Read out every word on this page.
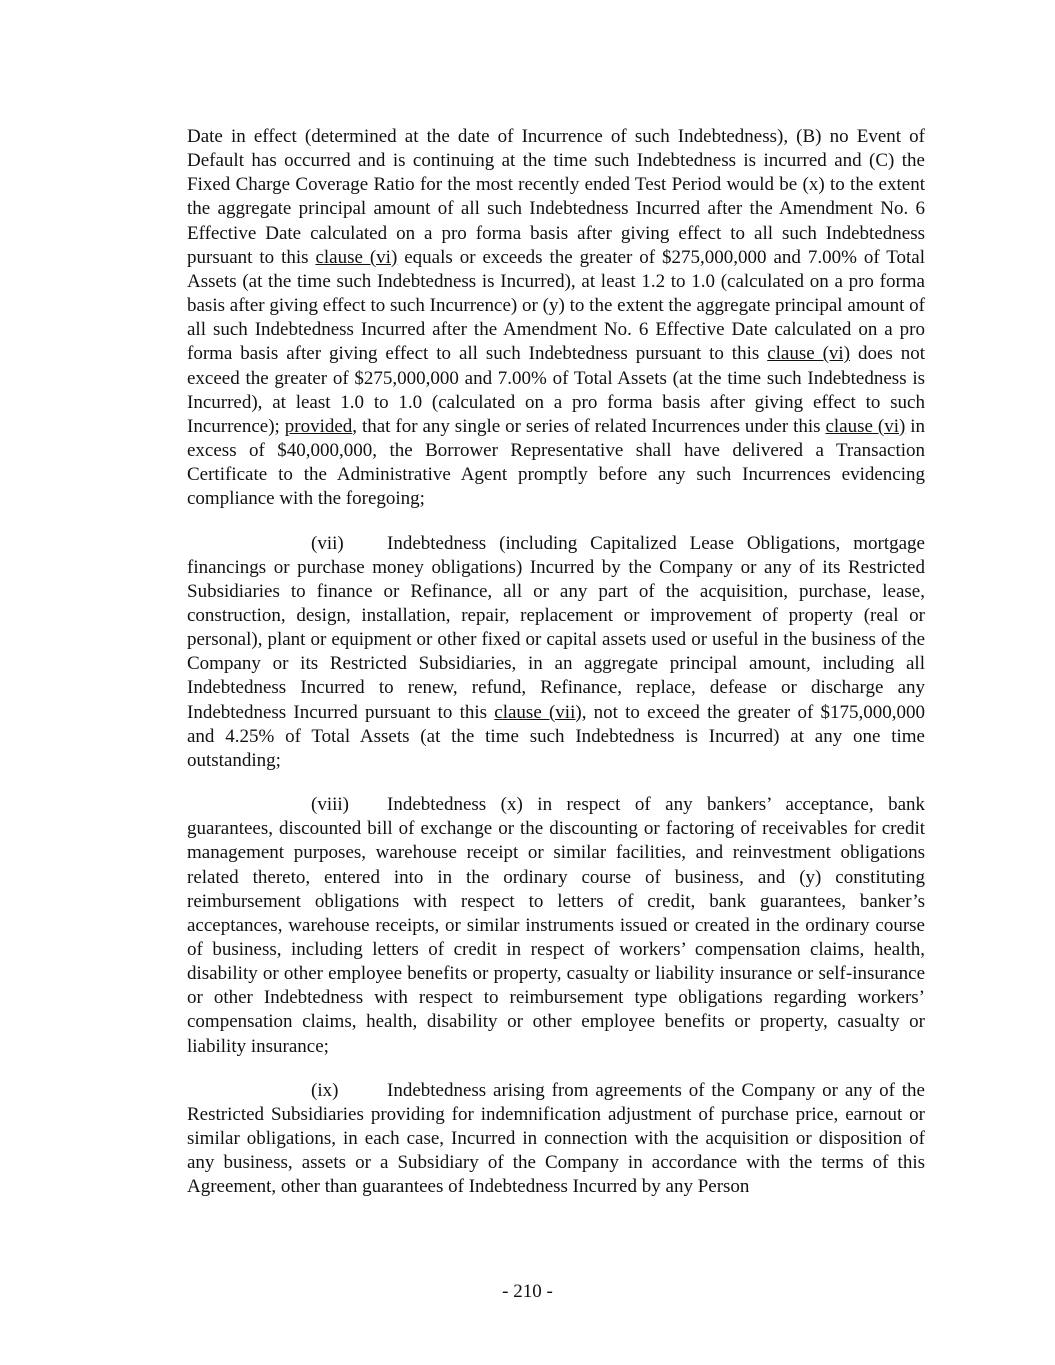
Date in effect (determined at the date of Incurrence of such Indebtedness), (B) no Event of Default has occurred and is continuing at the time such Indebtedness is incurred and (C) the Fixed Charge Coverage Ratio for the most recently ended Test Period would be (x) to the extent the aggregate principal amount of all such Indebtedness Incurred after the Amendment No. 6 Effective Date calculated on a pro forma basis after giving effect to all such Indebtedness pursuant to this clause (vi) equals or exceeds the greater of $275,000,000 and 7.00% of Total Assets (at the time such Indebtedness is Incurred), at least 1.2 to 1.0 (calculated on a pro forma basis after giving effect to such Incurrence) or (y) to the extent the aggregate principal amount of all such Indebtedness Incurred after the Amendment No. 6 Effective Date calculated on a pro forma basis after giving effect to all such Indebtedness pursuant to this clause (vi) does not exceed the greater of $275,000,000 and 7.00% of Total Assets (at the time such Indebtedness is Incurred), at least 1.0 to 1.0 (calculated on a pro forma basis after giving effect to such Incurrence); provided, that for any single or series of related Incurrences under this clause (vi) in excess of $40,000,000, the Borrower Representative shall have delivered a Transaction Certificate to the Administrative Agent promptly before any such Incurrences evidencing compliance with the foregoing;

(vii) Indebtedness (including Capitalized Lease Obligations, mortgage financings or purchase money obligations) Incurred by the Company or any of its Restricted Subsidiaries to finance or Refinance, all or any part of the acquisition, purchase, lease, construction, design, installation, repair, replacement or improvement of property (real or personal), plant or equipment or other fixed or capital assets used or useful in the business of the Company or its Restricted Subsidiaries, in an aggregate principal amount, including all Indebtedness Incurred to renew, refund, Refinance, replace, defease or discharge any Indebtedness Incurred pursuant to this clause (vii), not to exceed the greater of $175,000,000 and 4.25% of Total Assets (at the time such Indebtedness is Incurred) at any one time outstanding;

(viii) Indebtedness (x) in respect of any bankers’ acceptance, bank guarantees, discounted bill of exchange or the discounting or factoring of receivables for credit management purposes, warehouse receipt or similar facilities, and reinvestment obligations related thereto, entered into in the ordinary course of business, and (y) constituting reimbursement obligations with respect to letters of credit, bank guarantees, banker’s acceptances, warehouse receipts, or similar instruments issued or created in the ordinary course of business, including letters of credit in respect of workers’ compensation claims, health, disability or other employee benefits or property, casualty or liability insurance or self-insurance or other Indebtedness with respect to reimbursement type obligations regarding workers’ compensation claims, health, disability or other employee benefits or property, casualty or liability insurance;

(ix)	Indebtedness arising from agreements of the Company or any of the Restricted Subsidiaries providing for indemnification adjustment of purchase price, earnout or similar obligations, in each case, Incurred in connection with the acquisition or disposition of any business, assets or a Subsidiary of the Company in accordance with the terms of this Agreement, other than guarantees of Indebtedness Incurred by any Person

- 210 -
